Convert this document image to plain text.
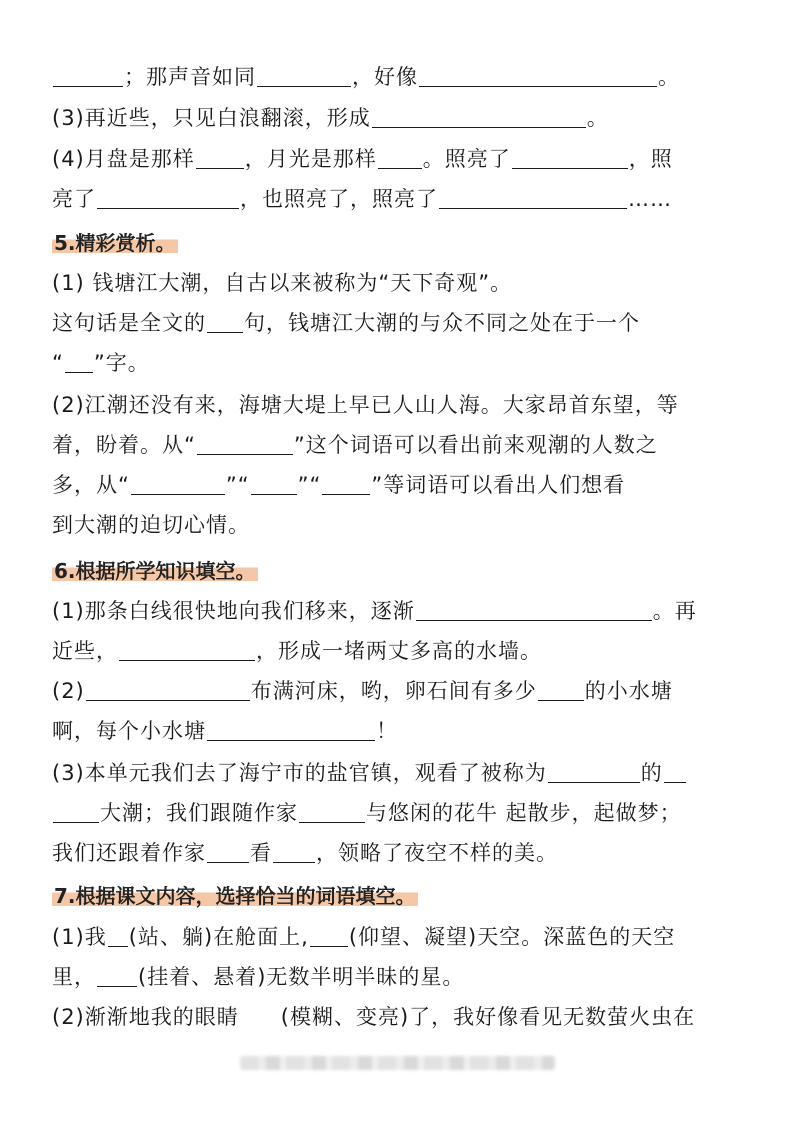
；那声音如同	，好像	。
(3)再近些，只见白浪翻滚，形成	。
(4)月盘是那样 ，月光是那样 。照亮了	，照
亮了	，也照亮了，照亮了	……
5.精彩赏析。
(1) 钱塘江大潮，自古以来被称为“天下奇观”。
这句话是全文的 句，钱塘江大潮的与众不同之处在于一个
“ ”字。
(2)江潮还没有来，海塘大堤上早已人山人海。大家昂首东望，等
着，盼着。从“	”这个词语可以看出前来观潮的人数之
多，从“	”“ ”“ ”等词语可以看出人们想看
到大潮的迫切心情。
6.根据所学知识填空。
(1)那条白线很快地向我们移来，逐渐	。再
近些，	，形成一堵两丈多高的水墙。
(2)	布满河床，哟，卵石间有多少 的小水塘
啊，每个小水塘	！
(3)本单元我们去了海宁市的盐官镇，观看了被称为	的
大潮；我们跟随作家	与悠闲的花牛 起散步，起做梦；
我们还跟着作家 看 ，领略了夜空不样的美。
7.根据课文内容，选择恰当的词语填空。
(1)我 (站、躺)在舱面上, (仰望、凝望)天空。深蓝色的天空
里， (挂着、悬着)无数半明半昧的星。
(2)渐渐地我的眼睛 (模糊、变亮)了，我好像看见无数萤火虫在
